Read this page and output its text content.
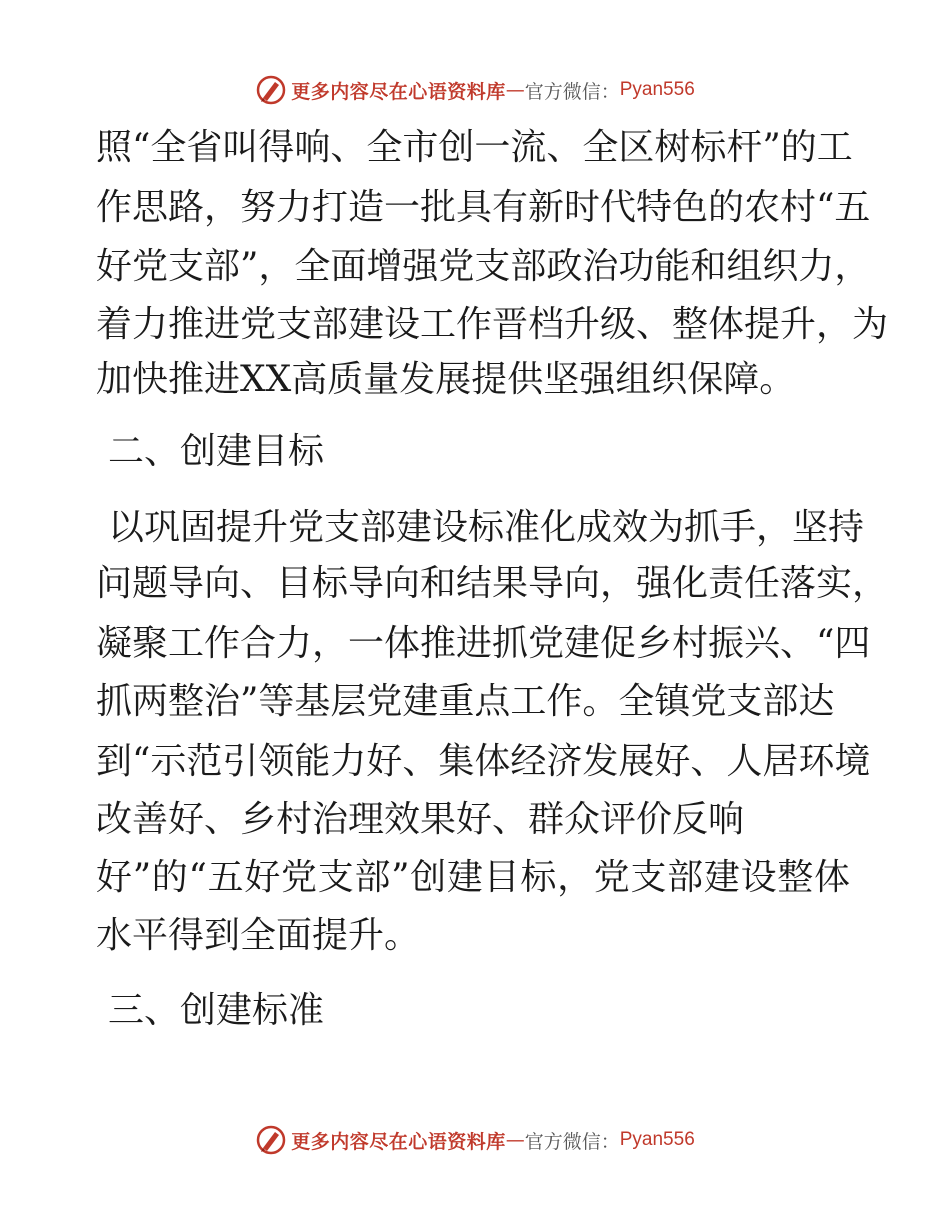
更多内容尽在心语资料库 — 官方微信： Pyan556
照“全省叫得响、全市创一流、全区树标杆”的工
作思路，努力打造一批具有新时代特色的农村“五
好党支部”，全面增强党支部政治功能和组织力，
着力推进党支部建设工作晋档升级、整体提升，为
加快推进XX高质量发展提供坚强组织保障。
二、创建目标
以巩固提升党支部建设标准化成效为抓手，坚持
问题导向、目标导向和结果导向，强化责任落实，
凝聚工作合力，一体推进抓党建促乡村振兴、“四
抓两整治”等基层党建重点工作。全镇党支部达
到“示范引领能力好、集体经济发展好、人居环境
改善好、乡村治理效果好、群众评价反响
好”的“五好党支部”创建目标，党支部建设整体
水平得到全面提升。
三、创建标准
更多内容尽在心语资料库 — 官方微信： Pyan556
